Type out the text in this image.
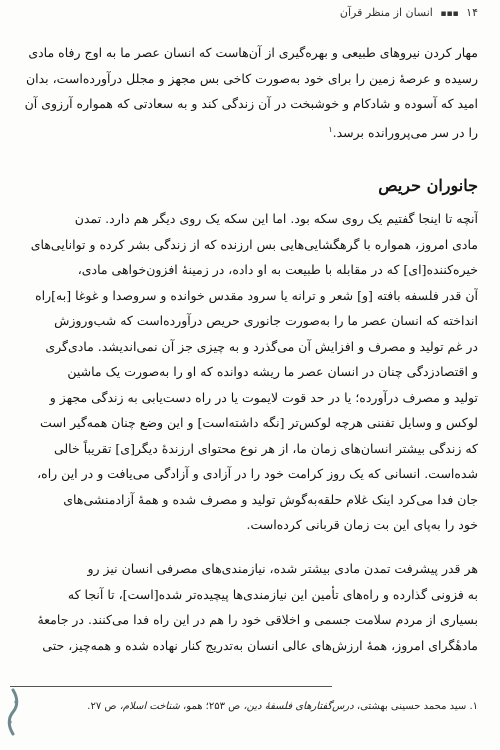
۱۴ ▪▪▪ انسان از منظر قرآن
مهار کردن نیروهای طبیعی و بهره‌گیری از آن‌هاست که انسان عصر ما به اوج رفاه مادی
رسیده و عرصهٔ زمین را برای خود به‌صورت کاخی بس مجهز و مجلل درآورده‌است، بدان
امید که آسوده و شادکام و خوشبخت در آن زندگی کند و به سعادتی که همواره آرزوی آن
را در سر می‌پرورانده برسد.$^۱$
جانوران حریص
آنچه تا اینجا گفتیم یک روی سکه بود. اما این سکه یک روی دیگر هم دارد. تمدن
مادی امروز، همواره با گرهگشایی‌هایی بس ارزنده که از زندگی بشر کرده و توانایی‌های
خیره‌کننده[ای] که در مقابله با طبیعت به او داده، در زمینهٔ افزون‌خواهی مادی،
آن قدر فلسفه بافته [و] شعر و ترانه یا سرود مقدس خوانده و سروصدا و غوغا [به]راه
انداخته که انسان عصر ما را به‌صورت جانوری حریص درآورده‌است که شب‌وروزش
در غم تولید و مصرف و افزایش آن می‌گذرد و به چیزی جز آن نمی‌اندیشد. مادی‌گری
و اقتصادزدگی چنان در انسان عصر ما ریشه دوانده که او را به‌صورت یک ماشین
تولید و مصرف درآورده؛ یا در حد قوت لایموت یا در راه دست‌یابی به زندگی مجهز و
لوکس و وسایل تفننی هرچه لوکس‌تر [نگه داشته‌است] و این وضع چنان همه‌گیر است
که زندگی بیشتر انسان‌های زمان ما، از هر نوع محتوای ارزندهٔ دیگر[ی] تقریباً خالی
شده‌است. انسانی که یک روز کرامت خود را در آزادی و آزادگی می‌یافت و در این راه،
جان فدا می‌کرد اینک غلام حلقه‌به‌گوش تولید و مصرف شده و همهٔ آزادمنشی‌های
خود را به‌پای این بت زمان قربانی کرده‌است.
هر قدر پیشرفت تمدن مادی بیشتر شده، نیازمندی‌های مصرفی انسان نیز رو
به فزونی گذارده و راه‌های تأمین این نیازمندی‌ها پیچیده‌تر شده[است]، تا آنجا که
بسیاری از مردم سلامت جسمی و اخلاقی خود را هم در این راه فدا می‌کنند. در جامعهٔ
مادهٔگرای امروز، همهٔ ارزش‌های عالی انسان به‌تدریج کنار نهاده شده و همه‌چیز، حتی
۱. سید محمد حسینی بهشتی، درس‌گفتارهای فلسفهٔ دین، ص ۲۵۳؛ همو، شناخت اسلام، ص ۲۷.
